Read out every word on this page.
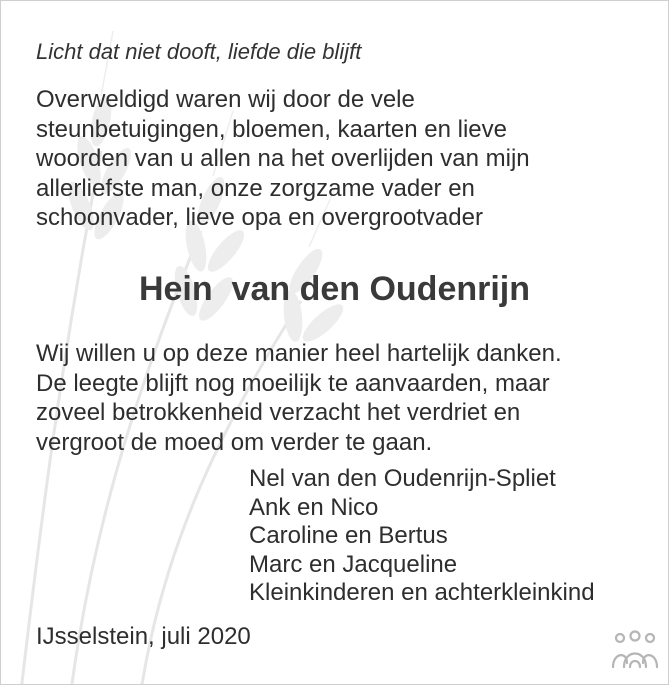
Licht dat niet dooft, liefde die blijft
Overweldigd waren wij door de vele
steunbetuigingen, bloemen, kaarten en lieve
woorden van u allen na het overlijden van mijn
allerliefste man, onze zorgzame vader en
schoonvader, lieve opa en overgrootvader
Hein  van den Oudenrijn
Wij willen u op deze manier heel hartelijk danken.
De leegte blijft nog moeilijk te aanvaarden, maar
zoveel betrokkenheid verzacht het verdriet en
vergroot de moed om verder te gaan.
Nel van den Oudenrijn-Spliet
Ank en Nico
Caroline en Bertus
Marc en Jacqueline
Kleinkinderen en achterkleinkind
IJsselstein, juli 2020
